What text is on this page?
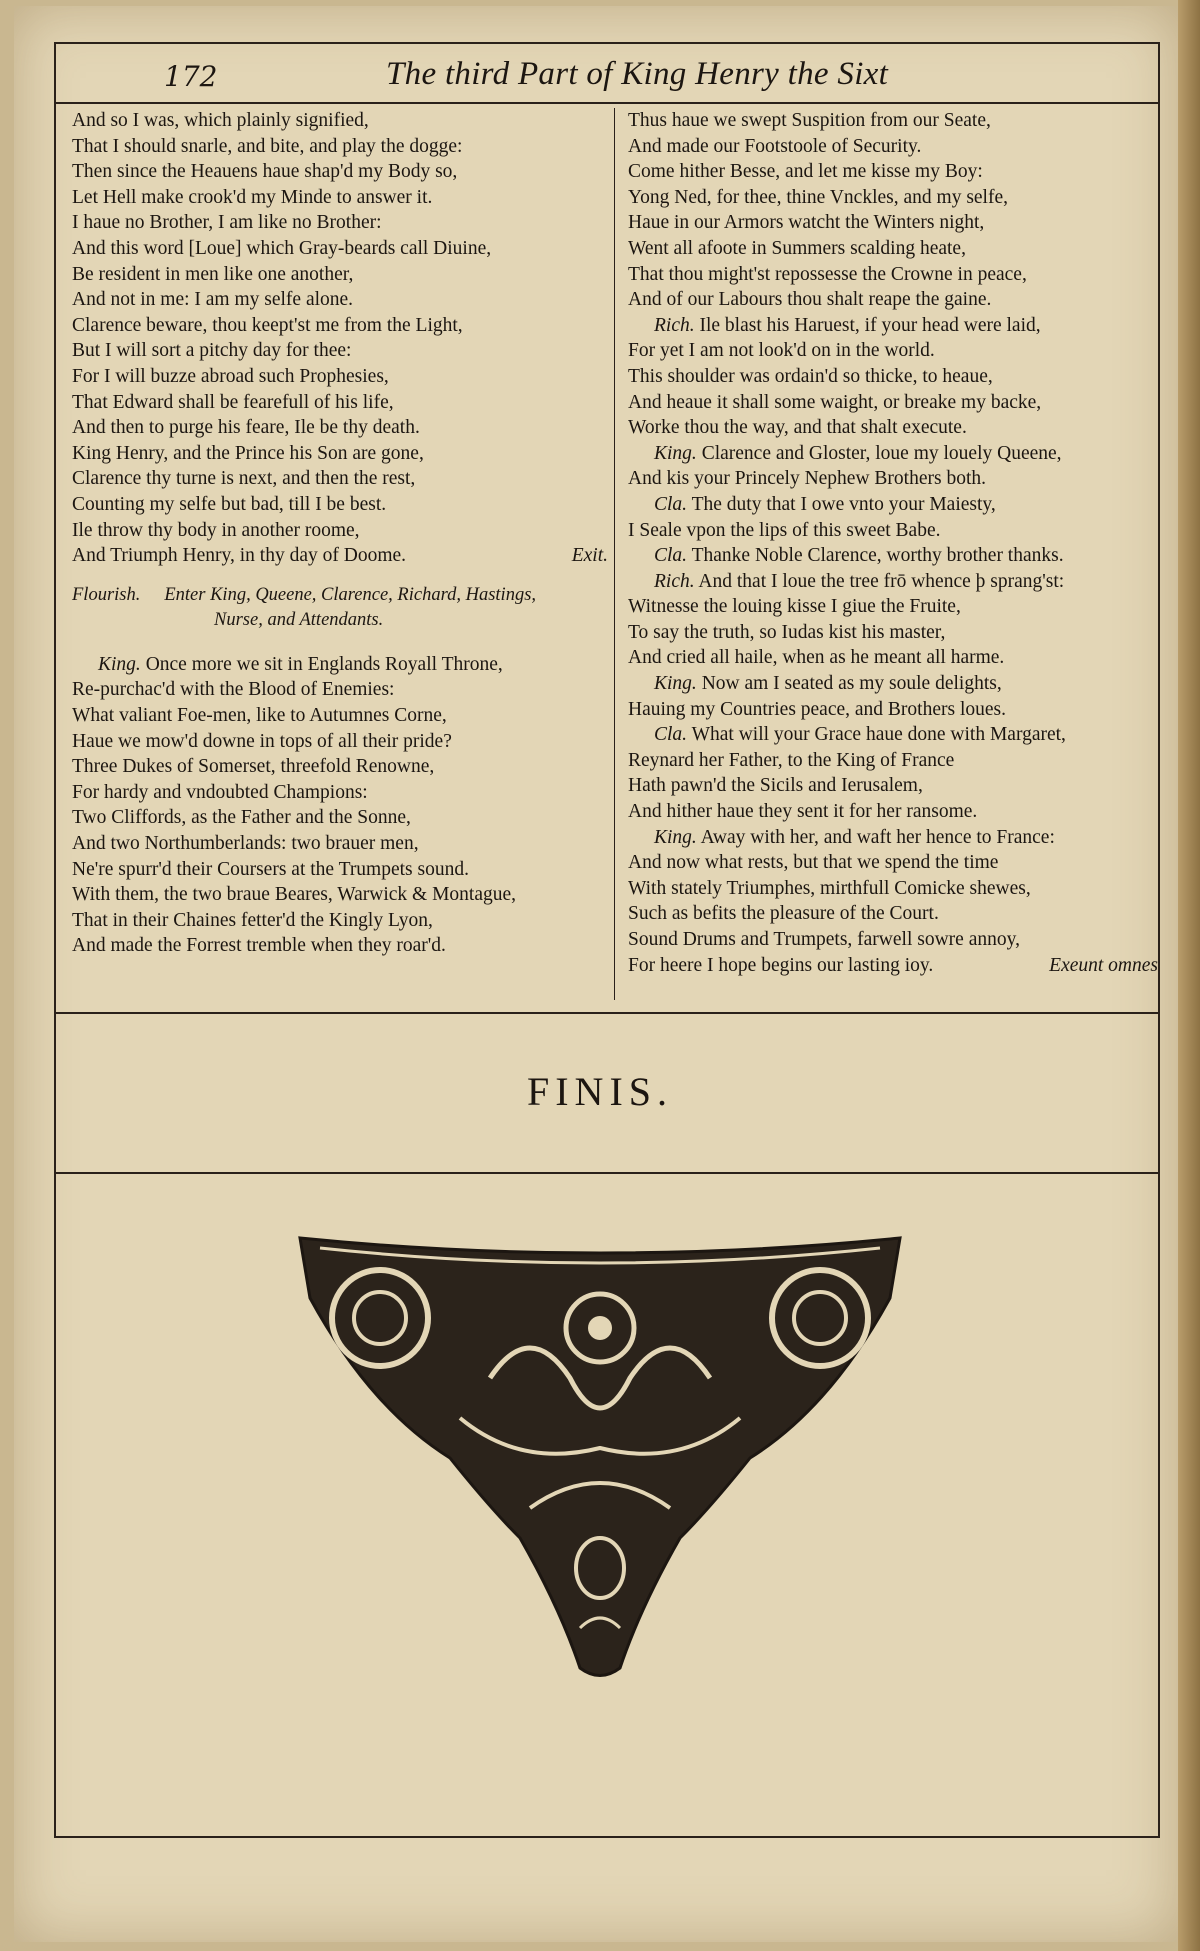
172	The third Part of King Henry the Sixt
And so I was, which plainly signified,
That I should snarle, and bite, and play the dogge:
Then since the Heauens haue shap'd my Body so,
Let Hell make crook'd my Minde to answer it.
I haue no Brother, I am like no Brother:
And this word [Loue] which Gray-beards call Diuine,
Be resident in men like one another,
And not in me: I am my selfe alone.
Clarence beware, thou keept'st me from the Light,
But I will sort a pitchy day for thee:
For I will buzze abroad such Prophesies,
That Edward shall be fearefull of his life,
And then to purge his feare, Ile be thy death.
King Henry, and the Prince his Son are gone,
Clarence thy turne is next, and then the rest,
Counting my selfe but bad, till I be best.
Ile throw thy body in another roome,
And Triumph Henry, in thy day of Doome.	Exit.
Flourish. Enter King, Queene, Clarence, Richard, Hastings,
Nurse, and Attendants.
King. Once more we sit in Englands Royall Throne,
Re-purchac'd with the Blood of Enemies:
What valiant Foe-men, like to Autumnes Corne,
Haue we mow'd downe in tops of all their pride?
Three Dukes of Somerset, threefold Renowne,
For hardy and vndoubted Champions:
Two Cliffords, as the Father and the Sonne,
And two Northumberlands: two brauer men,
Ne're spurr'd their Coursers at the Trumpets sound.
With them, the two braue Beares, Warwick & Montague,
That in their Chaines fetter'd the Kingly Lyon,
And made the Forrest tremble when they roar'd.
Thus haue we swept Suspition from our Seate,
And made our Footstoole of Security.
Come hither Besse, and let me kisse my Boy:
Yong Ned, for thee, thine Vnckles, and my selfe,
Haue in our Armors watcht the Winters night,
Went all afoote in Summers scalding heate,
That thou might'st repossesse the Crowne in peace,
And of our Labours thou shalt reape the gaine.
Rich. Ile blast his Haruest, if your head were laid,
For yet I am not look'd on in the world.
This shoulder was ordain'd so thicke, to heaue,
And heaue it shall some waight, or breake my backe,
Worke thou the way, and that shalt execute.
King. Clarence and Gloster, loue my louely Queene,
And kis your Princely Nephew Brothers both.
Cla. The duty that I owe vnto your Maiesty,
I Seale vpon the lips of this sweet Babe.
Cla. Thanke Noble Clarence, worthy brother thanks.
Rich. And that I loue the tree frō whence þ sprang'st:
Witnesse the louing kisse I giue the Fruite,
To say the truth, so Iudas kist his master,
And cried all haile, when as he meant all harme.
King. Now am I seated as my soule delights,
Hauing my Countries peace, and Brothers loues.
Cla. What will your Grace haue done with Margaret,
Reynard her Father, to the King of France
Hath pawn'd the Sicils and Ierusalem,
And hither haue they sent it for her ransome.
King. Away with her, and waft her hence to France:
And now what rests, but that we spend the time
With stately Triumphes, mirthfull Comicke shewes,
Such as befits the pleasure of the Court.
Sound Drums and Trumpets, farwell sowre annoy,
For heere I hope begins our lasting ioy.	Exeunt omnes
FINIS.
